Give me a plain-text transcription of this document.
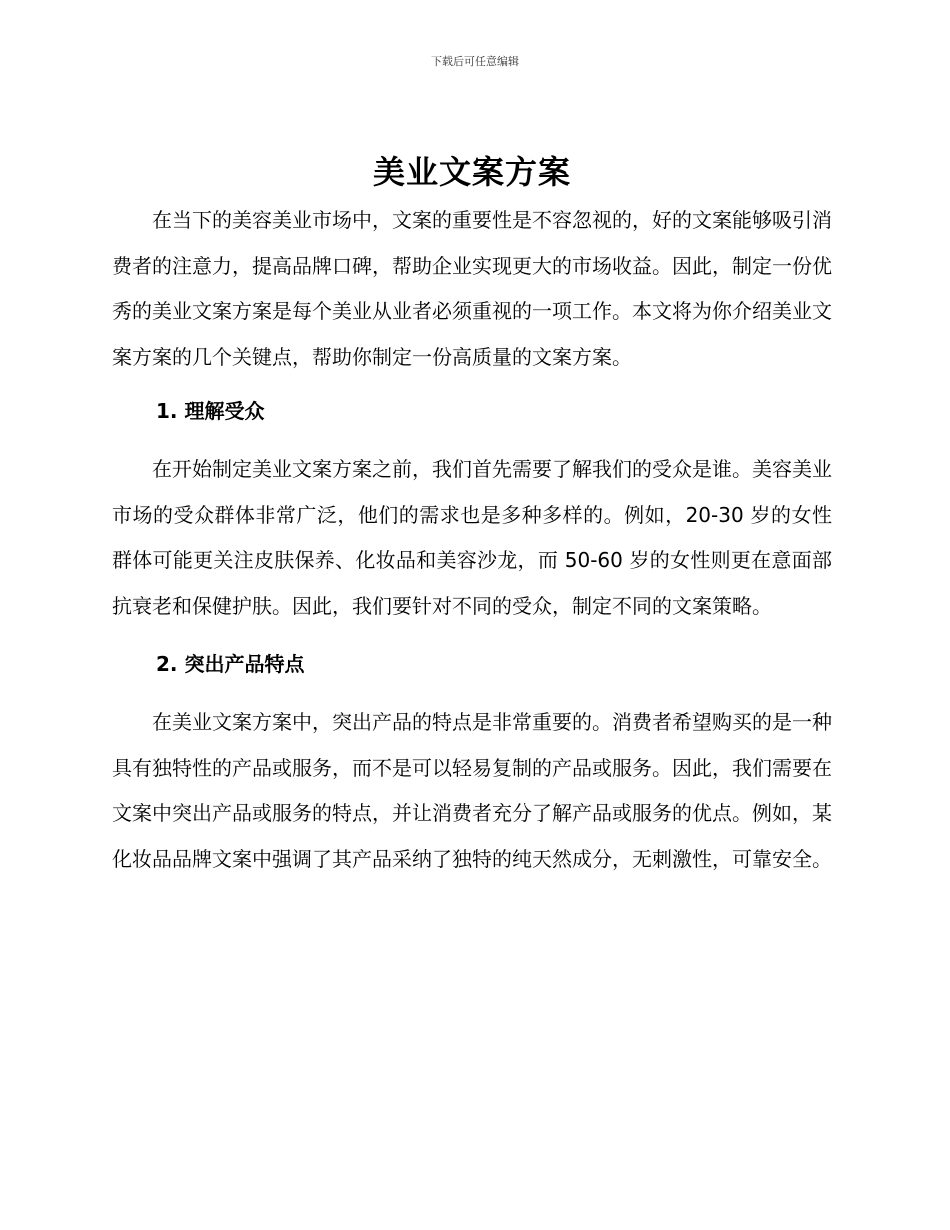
下载后可任意编辑
美业文案方案

在当下的美容美业市场中，文案的重要性是不容忽视的，好的文案能够吸引消费者的注意力，提高品牌口碑，帮助企业实现更大的市场收益。因此，制定一份优秀的美业文案方案是每个美业从业者必须重视的一项工作。本文将为你介绍美业文案方案的几个关键点，帮助你制定一份高质量的文案方案。

1. 理解受众

在开始制定美业文案方案之前，我们首先需要了解我们的受众是谁。美容美业市场的受众群体非常广泛，他们的需求也是多种多样的。例如，20-30 岁的女性群体可能更关注皮肤保养、化妆品和美容沙龙，而 50-60 岁的女性则更在意面部抗衰老和保健护肤。因此，我们要针对不同的受众，制定不同的文案策略。

2. 突出产品特点

在美业文案方案中，突出产品的特点是非常重要的。消费者希望购买的是一种具有独特性的产品或服务，而不是可以轻易复制的产品或服务。因此，我们需要在文案中突出产品或服务的特点，并让消费者充分了解产品或服务的优点。例如，某化妆品品牌文案中强调了其产品采纳了独特的纯天然成分，无刺激性，可靠安全。
